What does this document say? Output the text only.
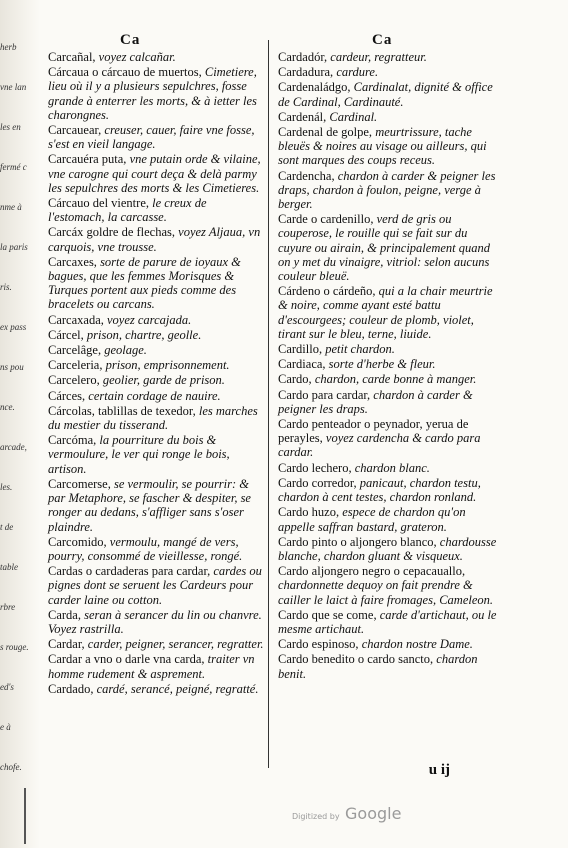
herb
vne lan
les en
fermé c
nme à
la paris
ris.
ex pass
ns pou
nce.
arcade,
les.
t de
table
rbre
s rouge.
ed's
e à
chofe.
Ca	Ca
Carcañal, voyez calcañar.
Cárcaua o cárcauo de muertos, Cimetiere, lieu où il y a plusieurs sepulchres, fosse grande à enterrer les morts, & à ietter les charongnes.
Carcauear, creuser, cauer, faire vne fosse, s'est en vieil langage.
Carcauéra puta, vne putain orde & vilaine, vne carogne qui court deça & delà parmy les sepulchres des morts & les Cimetieres.
Cárcauo del vientre, le creux de l'estomach, la carcasse.
Carcáx goldre de flechas, voyez Aljaua, vn carquois, vne trousse.
Carcaxes, sorte de parure de ioyaux & bagues, que les femmes Morisques & Turques portent aux pieds comme des bracelets ou carcans.
Carcaxada, voyez carcajada.
Cárcel, prison, chartre, geolle.
Carcelâge, geolage.
Carceleria, prison, emprisonnement.
Carcelero, geolier, garde de prison.
Cárces, certain cordage de nauire.
Cárcolas, tablillas de texedor, les marches du mestier du tisserand.
Carcóma, la pourriture du bois & vermoulure, le ver qui ronge le bois, artison.
Carcomerse, se vermoulir, se pourrir: & par Metaphore, se fascher & despiter, se ronger au dedans, s'affliger sans s'oser plaindre.
Carcomido, vermoulu, mangé de vers, pourry, consommé de vieillesse, rongé.
Cardas o cardaderas para cardar, cardes ou pignes dont se seruent les Cardeurs pour carder laine ou cotton.
Carda, seran à serancer du lin ou chanvre. Voyez rastrilla.
Cardar, carder, peigner, serancer, regratter.
Cardar a vno o darle vna carda, traiter vn homme rudement & asprement.
Cardado, cardé, serancé, peigné, regratté.
Cardadór, cardeur, regratteur.
Cardadura, cardure.
Cardenaládgo, Cardinalat, dignité & office de Cardinal, Cardinauté.
Cardenál, Cardinal.
Cardenal de golpe, meurtrissure, tache bleuës & noires au visage ou ailleurs, qui sont marques des coups receus.
Cardencha, chardon à carder & peigner les draps, chardon à foulon, peigne, verge à berger.
Carde o cardenillo, verd de gris ou couperose, le rouille qui se fait sur du cuyure ou airain, & principalement quand on y met du vinaigre, vitriol: selon aucuns couleur bleuë.
Cárdeno o cárdeño, qui a la chair meurtrie & noire, comme ayant esté battu d'escourgees; couleur de plomb, violet, tirant sur le bleu, terne, liuide.
Cardillo, petit chardon.
Cardiaca, sorte d'herbe & fleur.
Cardo, chardon, carde bonne à manger.
Cardo para cardar, chardon à carder & peigner les draps.
Cardo penteador o peynador, yerua de perayles, voyez cardencha & cardo para cardar.
Cardo lechero, chardon blanc.
Cardo corredor, panicaut, chardon testu, chardon à cent testes, chardon ronland.
Cardo huzo, espece de chardon qu'on appelle saffran bastard, grateron.
Cardo pinto o aljongero blanco, chardousse blanche, chardon gluant & visqueux.
Cardo aljongero negro o cepacauallo, chardonnette dequoy on fait prendre & cailler le laict à faire fromages, Cameleon.
Cardo que se come, carde d'artichaut, ou le mesme artichaut.
Cardo espinoso, chardon nostre Dame.
Cardo benedito o cardo sancto, chardon benit.
u ij
Digitized by Google
